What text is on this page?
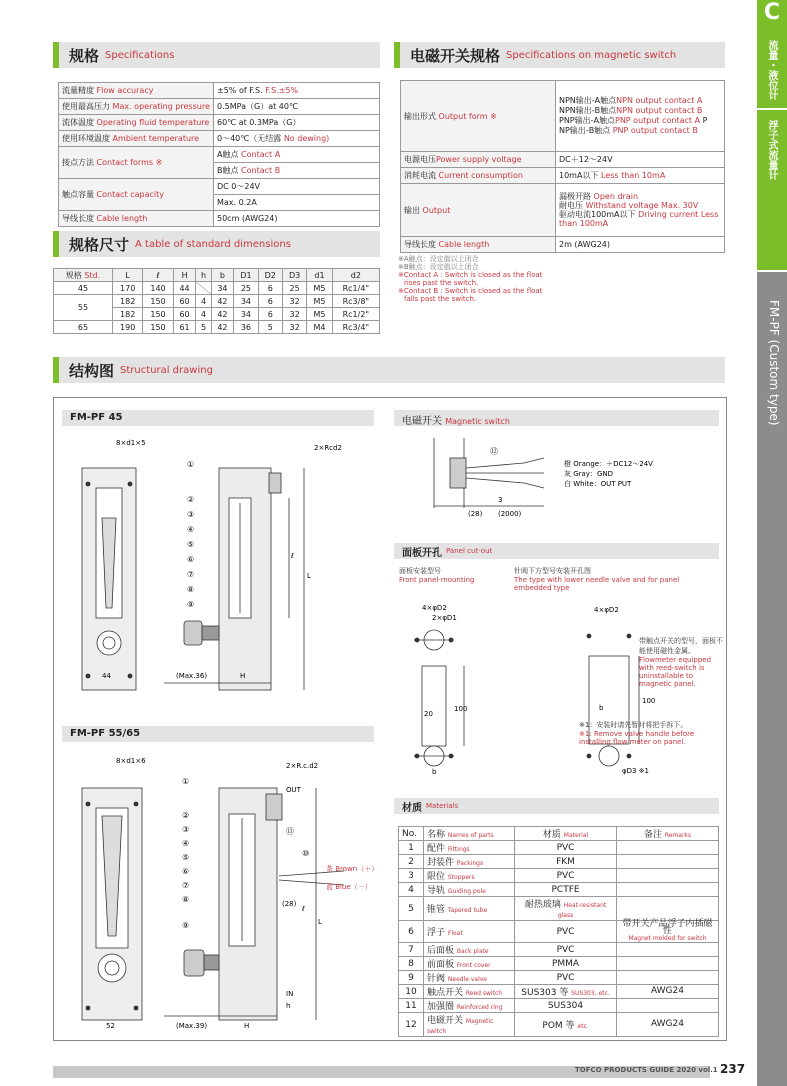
C
流量・液位计
浮子式流量计
FM-PF (Custom type)
规格 Specifications
流量精度 Flow accuracy	±5% of F.S. F.S.±5%
使用最高压力 Max. operating pressure	0.5MPa（G）at 40℃
流体温度 Operating fluid temperature	60℃ at 0.3MPa（G）
使用环境温度 Ambient temperature	0～40℃（无结露 No dewing)
接点方法 Contact forms ※	A触点 Contact A
	B触点 Contact B
触点容量 Contact capacity	DC 0～24V
	Max. 0.2A
导线长度 Cable length	50cm (AWG24)
规格尺寸 A table of standard dimensions
规格 Std.	L	ℓ	H	h	b	D1	D2	D3	d1	d2
45	170	140	44		34	25	6	25	M5	Rc1/4"
55	182	150	60	4	42	34	6	32	M5	Rc3/8"
	182	150	60	4	42	34	6	32	M5	Rc1/2"
65	190	150	61	5	42	36	5	32	M4	Rc3/4"
电磁开关规格 Specifications on magnetic switch
输出形式 Output form ※	NPN输出-A触点NPN output contact A
NPN输出-B触点NPN output contact B
PNP输出-A触点PNP output contact A P
NP输出-B触点 PNP output contact B

电源电压Power supply voltage	DC＋12～24V
消耗电流 Current consumption	10mA以下 Less than 10mA
输出 Output	漏极开路 Open drain
耐电压 Withstand voltage Max. 30V
驱动电流100mA以下 Driving current Less than 100mA

导线长度 Cable length	2m (AWG24)
※A触点：设定值以上闭合
※B触点：设定值以上闭合
※Contact A : Switch is closed as the float
rises past the switch.
※Contact B : Switch is closed as the float
falls past the switch.
结构图 Structural drawing
FM-PF 45
FM-PF 55/65
8×d1×5
2×Rcd2
44	(Max.36)	H
ℓ
L
①
②
③
④
⑤
⑥
⑦
⑧
⑨
8×d1×6
2×R.c.d2
OUT
IN
(28)
ℓ
L
h
茶 Brown（＋）
蓝 Blue（－）
52	(Max.39)	H
①
②
③
④
⑤
⑥
⑦
⑧
⑨
⑩
⑪
电磁开关 Magnetic switch
⑫
橙 Orange：＋DC12～24V
灰 Gray：GND
白 White：OUT PUT
3
(28) (2000)
面板开孔 Panel cut-out
面板安装型号
Front panel-mounting
针阀下方型号安装开孔图
The type with lower needle valve and for panel embedded type
4×φD2
2×φD1
4×φD2
100
100
20
b
b
φD3 ※1
带触点开关的型号，面板不能使用磁性金属。
Flowmeter equipped with reed-switch is uninstallable to magnetic panel.
※1：安装时请先暂时将把手拆下。
※1: Remove valve handle before installing flow meter on panel.
材质 Materials
No.	名称 Names of parts	材质 Material	备注 Remarks
1	配件 Fittings	PVC	

2	封装件 Packings	FKM	

3	限位 Stoppers	PVC	

4	导轨 Guiding pole	PCTFE	

5	锥管 Tapered tube	耐热玻璃 Heat-resistant glass	

6	浮子 Float	PVC	带开关产品浮子内插磁性
Magnet molded for switch
7	后面板 Back plate	PVC	

8	前面板 Front cover	PMMA	

9	针阀 Needle valve	PVC	

10	触点开关 Reed switch	SUS303 等 SUS303, etc.	AWG24

11	加强圈 Reinforced ring	SUS304	

12	电磁开关 Magnetic switch	POM 等 etc.	AWG24

TOFCO PRODUCTS GUIDE 2020 vol.1 237
